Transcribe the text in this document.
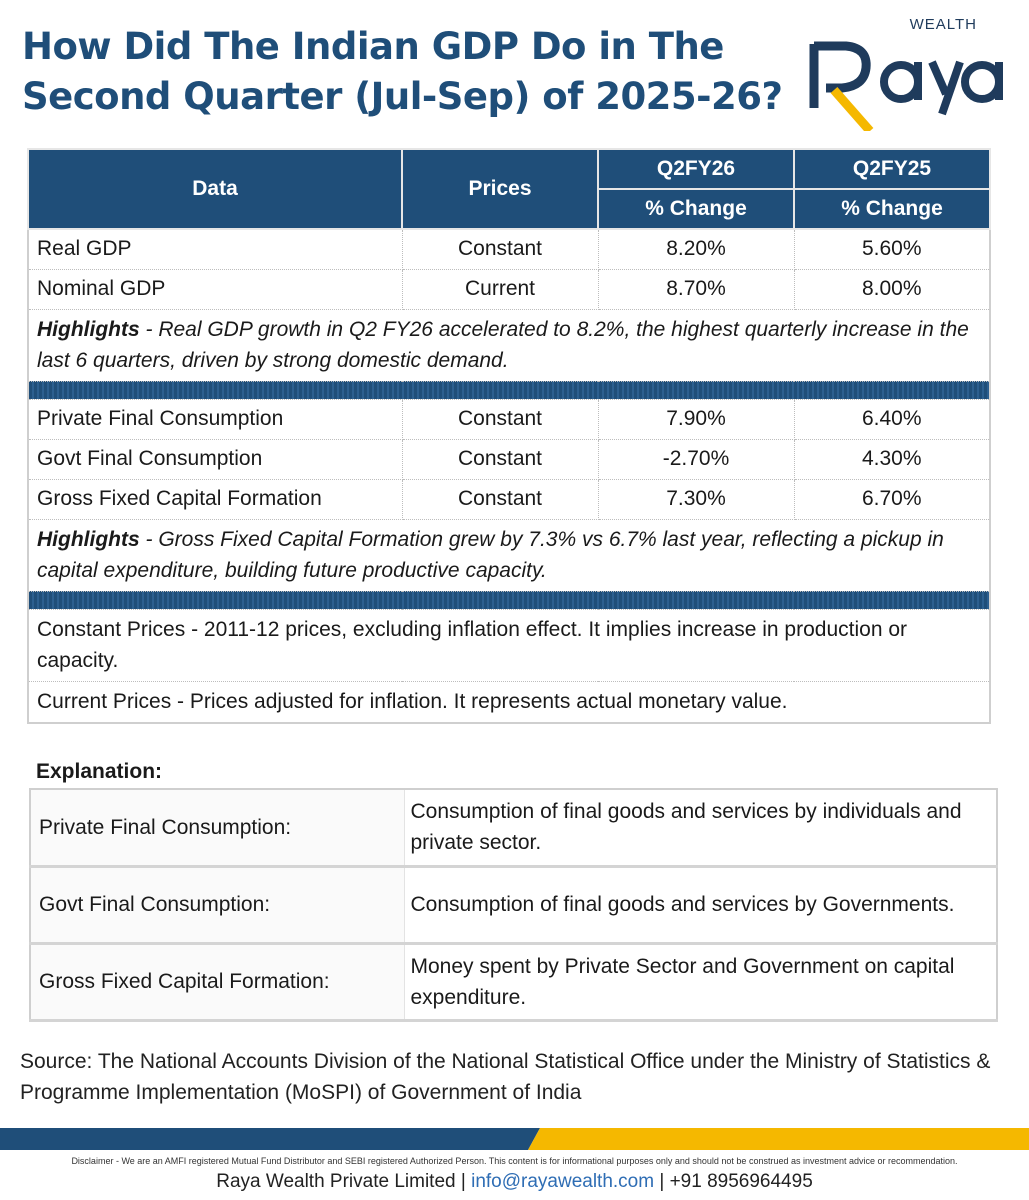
How Did The Indian GDP Do in The Second Quarter (Jul-Sep) of 2025-26?
WEALTH
Data	Prices	Q2FY26	Q2FY25
		% Change	% Change
Real GDP	Constant	8.20%	5.60%
Nominal GDP	Current	8.70%	8.00%
Highlights - Real GDP growth in Q2 FY26 accelerated to 8.2%, the highest quarterly increase in the last 6 quarters, driven by strong domestic demand.			

Private Final Consumption	Constant	7.90%	6.40%
Govt Final Consumption	Constant	-2.70%	4.30%
Gross Fixed Capital Formation	Constant	7.30%	6.70%
Highlights - Gross Fixed Capital Formation grew by 7.3% vs 6.7% last year, reflecting a pickup in capital expenditure, building future productive capacity.			

Constant Prices - 2011-12 prices, excluding inflation effect. It implies increase in production or capacity.			
Current Prices - Prices adjusted for inflation. It represents actual monetary value.			
Explanation:
Private Final Consumption:	Consumption of final goods and services by individuals and private sector.
Govt Final Consumption:	Consumption of final goods and services by Governments.
Gross Fixed Capital Formation:	Money spent by Private Sector and Government on capital expenditure.

Source: The National Accounts Division of the National Statistical Office under the Ministry of Statistics & Programme Implementation (MoSPI) of Government of India

Disclaimer - We are an AMFI registered Mutual Fund Distributor and SEBI registered Authorized Person. This content is for informational purposes only and should not be construed as investment advice or recommendation.
Raya Wealth Private Limited | info@rayawealth.com | +91 8956964495
